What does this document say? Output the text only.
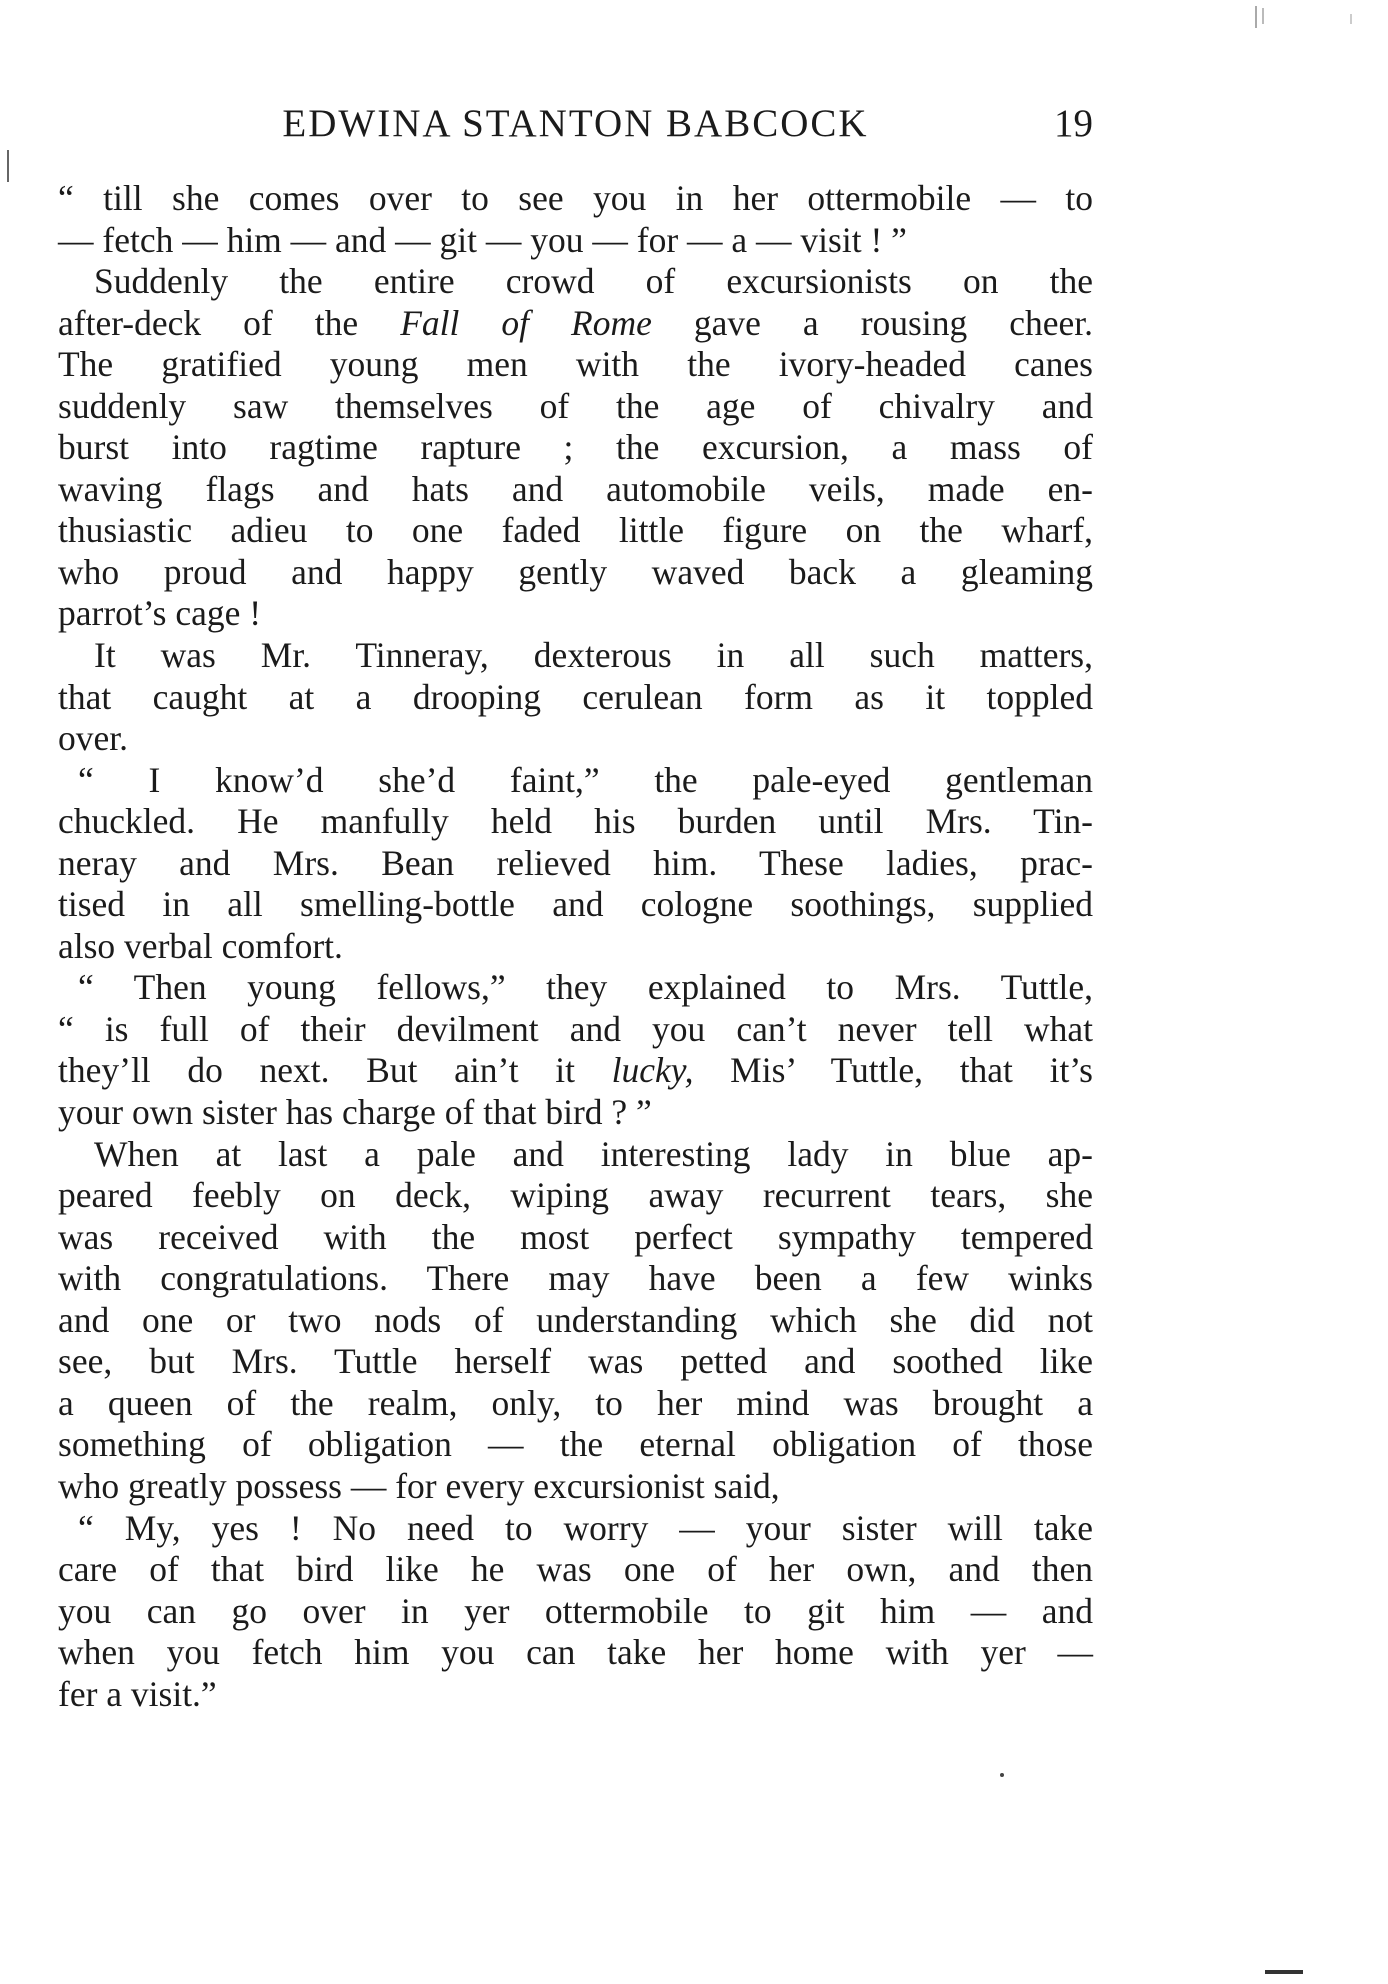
EDWINA STANTON BABCOCK	19
“ till she comes over to see you in her ottermobile — to
— fetch — him — and — git — you — for — a — visit ! ”
Suddenly the entire crowd of excursionists on the
after-deck of the Fall of Rome gave a rousing cheer.
The gratified young men with the ivory-headed canes
suddenly saw themselves of the age of chivalry and
burst into ragtime rapture ; the excursion, a mass of
waving flags and hats and automobile veils, made en-
thusiastic adieu to one faded little figure on the wharf,
who proud and happy gently waved back a gleaming
parrot’s cage !
It was Mr. Tinneray, dexterous in all such matters,
that caught at a drooping cerulean form as it toppled
over.
“ I know’d she’d faint,” the pale-eyed gentleman
chuckled. He manfully held his burden until Mrs. Tin-
neray and Mrs. Bean relieved him. These ladies, prac-
tised in all smelling-bottle and cologne soothings, supplied
also verbal comfort.
“ Then young fellows,” they explained to Mrs. Tuttle,
“ is full of their devilment and you can’t never tell what
they’ll do next. But ain’t it lucky, Mis’ Tuttle, that it’s
your own sister has charge of that bird ? ”
When at last a pale and interesting lady in blue ap-
peared feebly on deck, wiping away recurrent tears, she
was received with the most perfect sympathy tempered
with congratulations. There may have been a few winks
and one or two nods of understanding which she did not
see, but Mrs. Tuttle herself was petted and soothed like
a queen of the realm, only, to her mind was brought a
something of obligation — the eternal obligation of those
who greatly possess — for every excursionist said,
“ My, yes ! No need to worry — your sister will take
care of that bird like he was one of her own, and then
you can go over in yer ottermobile to git him — and
when you fetch him you can take her home with yer —
fer a visit.”
